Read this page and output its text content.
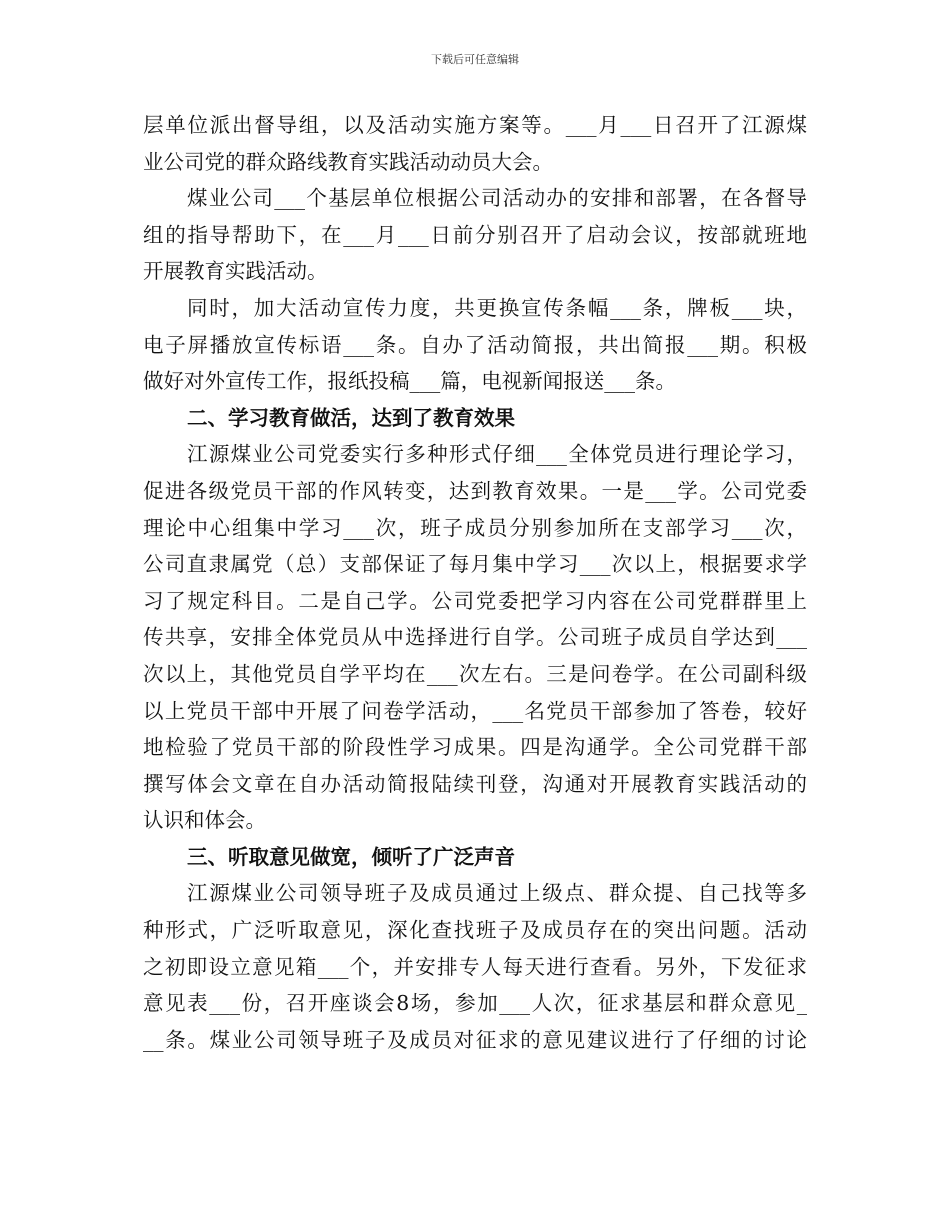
下载后可任意编辑
层单位派出督导组，以及活动实施方案等。___月___日召开了江源煤
业公司党的群众路线教育实践活动动员大会。
煤业公司___个基层单位根据公司活动办的安排和部署，在各督导
组的指导帮助下，在___月___日前分别召开了启动会议，按部就班地
开展教育实践活动。
同时，加大活动宣传力度，共更换宣传条幅___条，牌板___块，
电子屏播放宣传标语___条。自办了活动简报，共出简报___期。积极
做好对外宣传工作，报纸投稿___篇，电视新闻报送___条。
二、学习教育做活，达到了教育效果
江源煤业公司党委实行多种形式仔细___全体党员进行理论学习，
促进各级党员干部的作风转变，达到教育效果。一是___学。公司党委
理论中心组集中学习___次，班子成员分别参加所在支部学习___次，
公司直隶属党（总）支部保证了每月集中学习___次以上，根据要求学
习了规定科目。二是自己学。公司党委把学习内容在公司党群群里上
传共享，安排全体党员从中选择进行自学。公司班子成员自学达到___
次以上，其他党员自学平均在___次左右。三是问卷学。在公司副科级
以上党员干部中开展了问卷学活动，___名党员干部参加了答卷，较好
地检验了党员干部的阶段性学习成果。四是沟通学。全公司党群干部
撰写体会文章在自办活动简报陆续刊登，沟通对开展教育实践活动的
认识和体会。
三、听取意见做宽，倾听了广泛声音
江源煤业公司领导班子及成员通过上级点、群众提、自己找等多
种形式，广泛听取意见，深化查找班子及成员存在的突出问题。活动
之初即设立意见箱___个，并安排专人每天进行查看。另外，下发征求
意见表___份，召开座谈会8场，参加___人次，征求基层和群众意见_
__条。煤业公司领导班子及成员对征求的意见建议进行了仔细的讨论
